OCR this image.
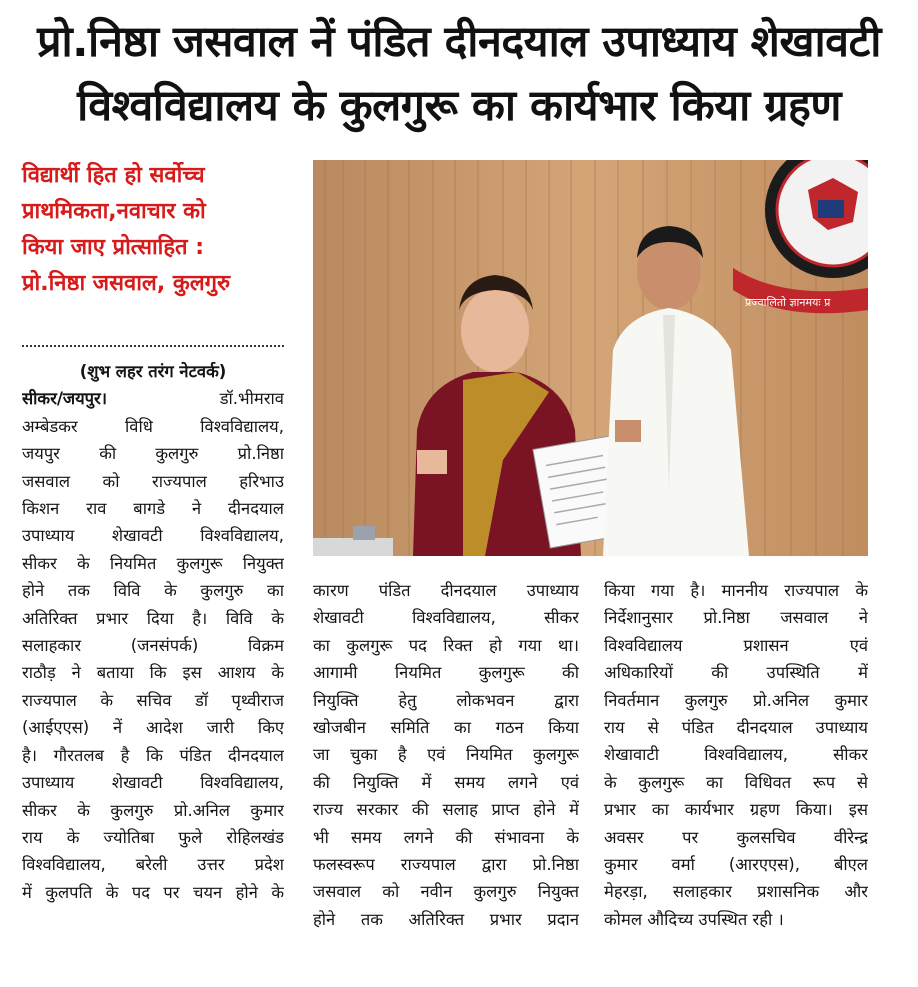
प्रो.निष्ठा जसवाल नें पंडित दीनदयाल उपाध्याय शेखावटी
विश्वविद्यालय के कुलगुरू का कार्यभार किया ग्रहण
विद्यार्थी हित हो सर्वोच्च
प्राथमिकता,नवाचार को
किया जाए प्रोत्साहित :
प्रो.निष्ठा जसवाल, कुलगुरु
प्रज्वालितो ज्ञानमयः प्र
(शुभ लहर तरंग नेटवर्क)
सीकर/जयपुर।	डॉ.भीमराव
अम्बेडकर विधि विश्वविद्यालय,
जयपुर की कुलगुरु प्रो.निष्ठा
जसवाल को राज्यपाल हरिभाउ
किशन राव बागडे ने दीनदयाल
उपाध्याय शेखावटी विश्वविद्यालय,
सीकर के नियमित कुलगुरू नियुक्त
होने तक विवि के कुलगुरु का
अतिरिक्त प्रभार दिया है। विवि के
सलाहकार (जनसंपर्क) विक्रम
राठौड़ ने बताया कि इस आशय के
राज्यपाल के सचिव डॉ पृथ्वीराज
(आईएएस) नें आदेश जारी किए
है। गौरतलब है कि पंडित दीनदयाल
उपाध्याय शेखावटी विश्वविद्यालय,
सीकर के कुलगुरु प्रो.अनिल कुमार
राय के ज्योतिबा फुले रोहिलखंड
विश्वविद्यालय, बरेली उत्तर प्रदेश
में कुलपति के पद पर चयन होने के
कारण पंडित दीनदयाल उपाध्याय
शेखावटी विश्वविद्यालय, सीकर
का कुलगुरू पद रिक्त हो गया था।
आगामी नियमित कुलगुरू की
नियुक्ति हेतु लोकभवन द्वारा
खोजबीन समिति का गठन किया
जा चुका है एवं नियमित कुलगुरू
की नियुक्ति में समय लगने एवं
राज्य सरकार की सलाह प्राप्त होने में
भी समय लगने की संभावना के
फलस्वरूप राज्यपाल द्वारा प्रो.निष्ठा
जसवाल को नवीन कुलगुरु नियुक्त
होने तक अतिरिक्त प्रभार प्रदान
किया गया है। माननीय राज्यपाल के
निर्देशानुसार प्रो.निष्ठा जसवाल ने
विश्वविद्यालय प्रशासन एवं
अधिकारियों की उपस्थिति में
निवर्तमान कुलगुरु प्रो.अनिल कुमार
राय से पंडित दीनदयाल उपाध्याय
शेखावाटी विश्वविद्यालय, सीकर
के कुलगुरू का विधिवत रूप से
प्रभार का कार्यभार ग्रहण किया। इस
अवसर पर कुलसचिव वीरेन्द्र
कुमार वर्मा (आरएएस), बीएल
मेहरड़ा, सलाहकार प्रशासनिक और
कोमल औदिच्य उपस्थित रही ।
